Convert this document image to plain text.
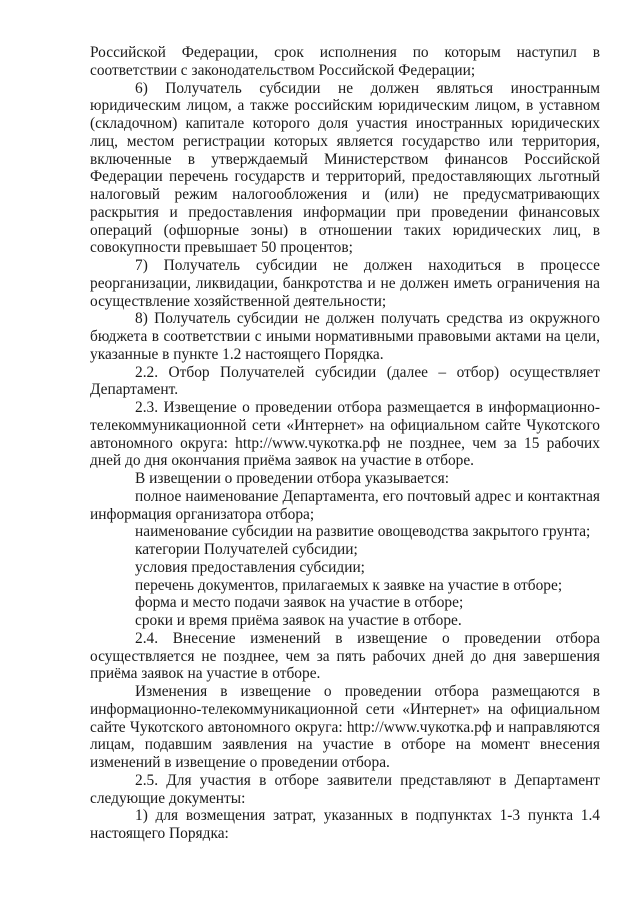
Российской Федерации, срок исполнения по которым наступил в соответствии с законодательством Российской Федерации;

6) Получатель субсидии не должен являться иностранным юридическим лицом, а также российским юридическим лицом, в уставном (складочном) капитале которого доля участия иностранных юридических лиц, местом регистрации которых является государство или территория, включенные в утверждаемый Министерством финансов Российской Федерации перечень государств и территорий, предоставляющих льготный налоговый режим налогообложения и (или) не предусматривающих раскрытия и предоставления информации при проведении финансовых операций (офшорные зоны) в отношении таких юридических лиц, в совокупности превышает 50 процентов;

7) Получатель субсидии не должен находиться в процессе реорганизации, ликвидации, банкротства и не должен иметь ограничения на осуществление хозяйственной деятельности;

8) Получатель субсидии не должен получать средства из окружного бюджета в соответствии с иными нормативными правовыми актами на цели, указанные в пункте 1.2 настоящего Порядка.

2.2. Отбор Получателей субсидии (далее – отбор) осуществляет Департамент.

2.3. Извещение о проведении отбора размещается в информационно-телекоммуникационной сети «Интернет» на официальном сайте Чукотского автономного округа: http://www.чукотка.рф не позднее, чем за 15 рабочих дней до дня окончания приёма заявок на участие в отборе.

В извещении о проведении отбора указывается:

полное наименование Департамента, его почтовый адрес и контактная информация организатора отбора;

наименование субсидии на развитие овощеводства закрытого грунта;

категории Получателей субсидии;

условия предоставления субсидии;

перечень документов, прилагаемых к заявке на участие в отборе;

форма и место подачи заявок на участие в отборе;

сроки и время приёма заявок на участие в отборе.

2.4. Внесение изменений в извещение о проведении отбора осуществляется не позднее, чем за пять рабочих дней до дня завершения приёма заявок на участие в отборе.

Изменения в извещение о проведении отбора размещаются в информационно-телекоммуникационной сети «Интернет» на официальном сайте Чукотского автономного округа: http://www.чукотка.рф и направляются лицам, подавшим заявления на участие в отборе на момент внесения изменений в извещение о проведении отбора.

2.5. Для участия в отборе заявители представляют в Департамент следующие документы:

1) для возмещения затрат, указанных в подпунктах 1-3 пункта 1.4 настоящего Порядка:
